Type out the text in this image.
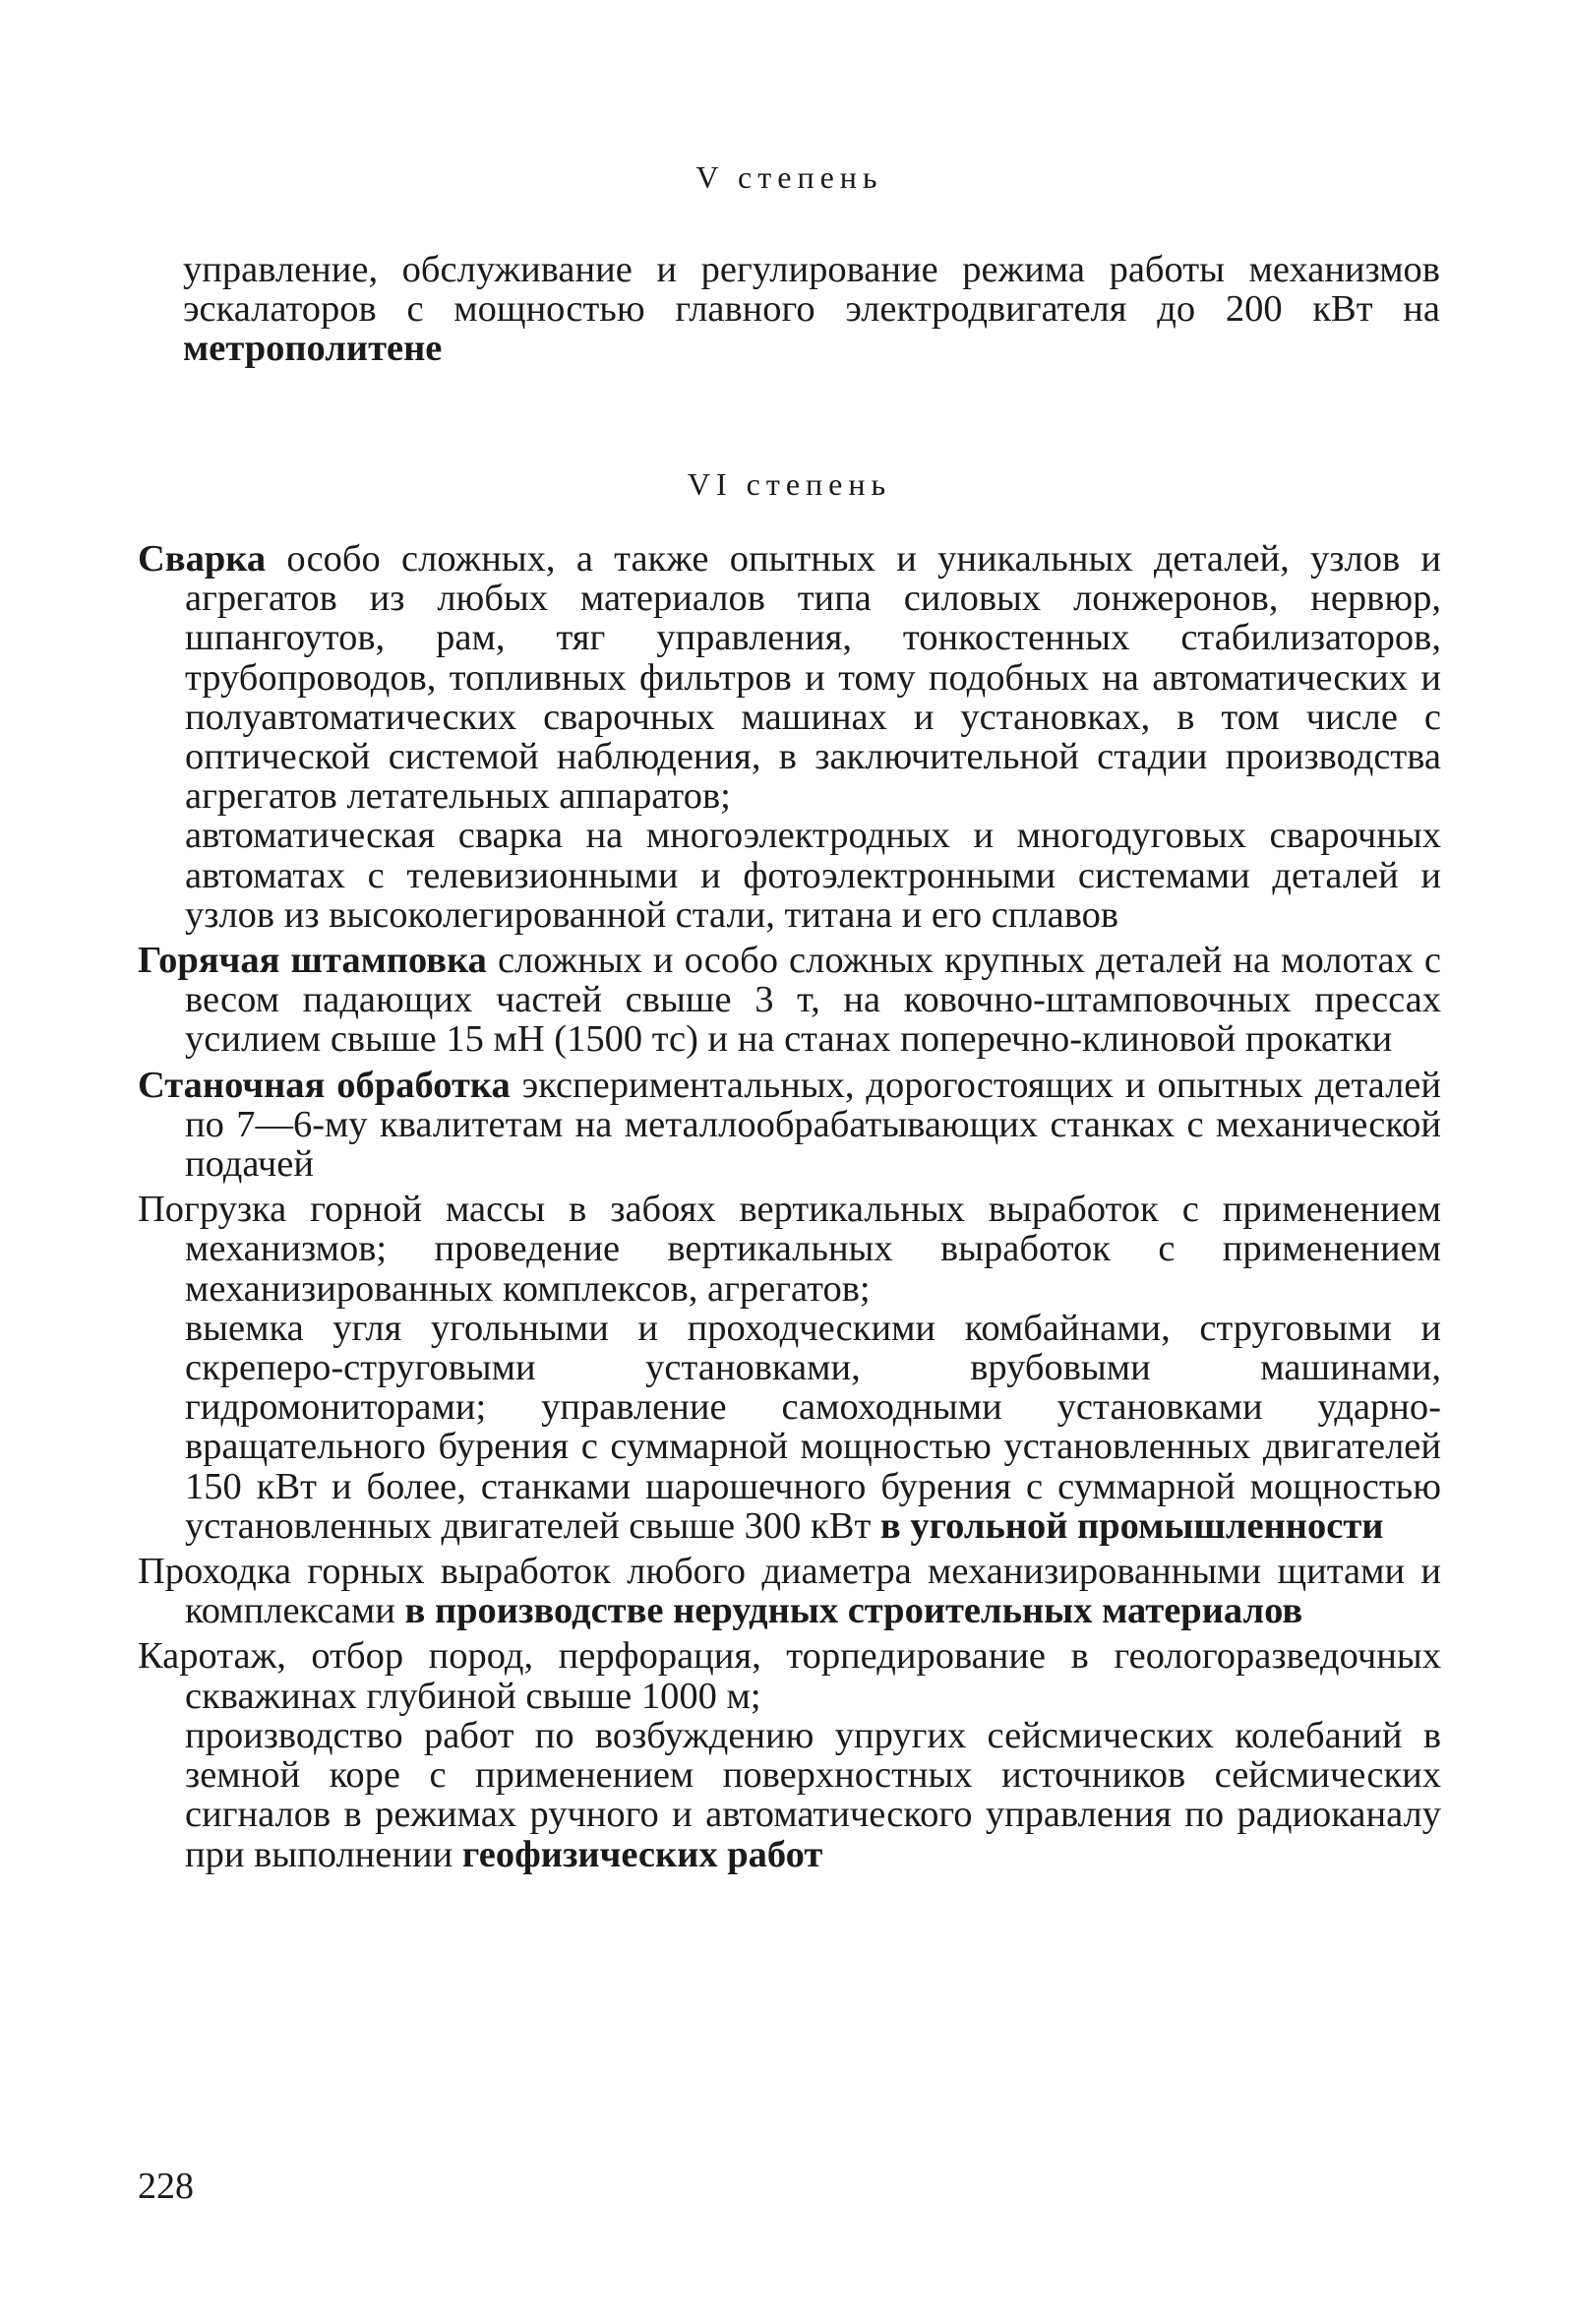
V степень
управление, обслуживание и регулирование режима работы механизмов эскалаторов с мощностью главного электродвигателя до 200 кВт на метрополитене
VI степень
Сварка особо сложных, а также опытных и уникальных деталей, узлов и агрегатов из любых материалов типа силовых лонжеронов, нервюр, шпангоутов, рам, тяг управления, тонкостенных стабилизаторов, трубопроводов, топливных фильтров и тому подобных на автоматических и полуавтоматических сварочных машинах и установках, в том числе с оптической системой наблюдения, в заключительной стадии производства агрегатов летательных аппаратов;
автоматическая сварка на многоэлектродных и многодуговых сварочных автоматах с телевизионными и фотоэлектронными системами деталей и узлов из высоколегированной стали, титана и его сплавов
Горячая штамповка сложных и особо сложных крупных деталей на молотах с весом падающих частей свыше 3 т, на ковочно-штамповочных прессах усилием свыше 15 мН (1500 тс) и на станах поперечно-клиновой прокатки
Станочная обработка экспериментальных, дорогостоящих и опытных деталей по 7—6-му квалитетам на металлообрабатывающих станках с механической подачей
Погрузка горной массы в забоях вертикальных выработок с применением механизмов; проведение вертикальных выработок с применением механизированных комплексов, агрегатов;
выемка угля угольными и проходческими комбайнами, струговыми и скрепеpo-струговыми установками, врубовыми машинами, гидромониторами; управление самоходными установками ударно-вращательного бурения с суммарной мощностью установленных двигателей 150 кВт и более, станками шарошечного бурения с суммарной мощностью установленных двигателей свыше 300 кВт в угольной промышленности
Проходка горных выработок любого диаметра механизированными щитами и комплексами в производстве нерудных строительных материалов
Каротаж, отбор пород, перфорация, торпедирование в геологоразведочных скважинах глубиной свыше 1000 м;
производство работ по возбуждению упругих сейсмических колебаний в земной коре с применением поверхностных источников сейсмических сигналов в режимах ручного и автоматического управления по радиоканалу при выполнении геофизических работ
228
